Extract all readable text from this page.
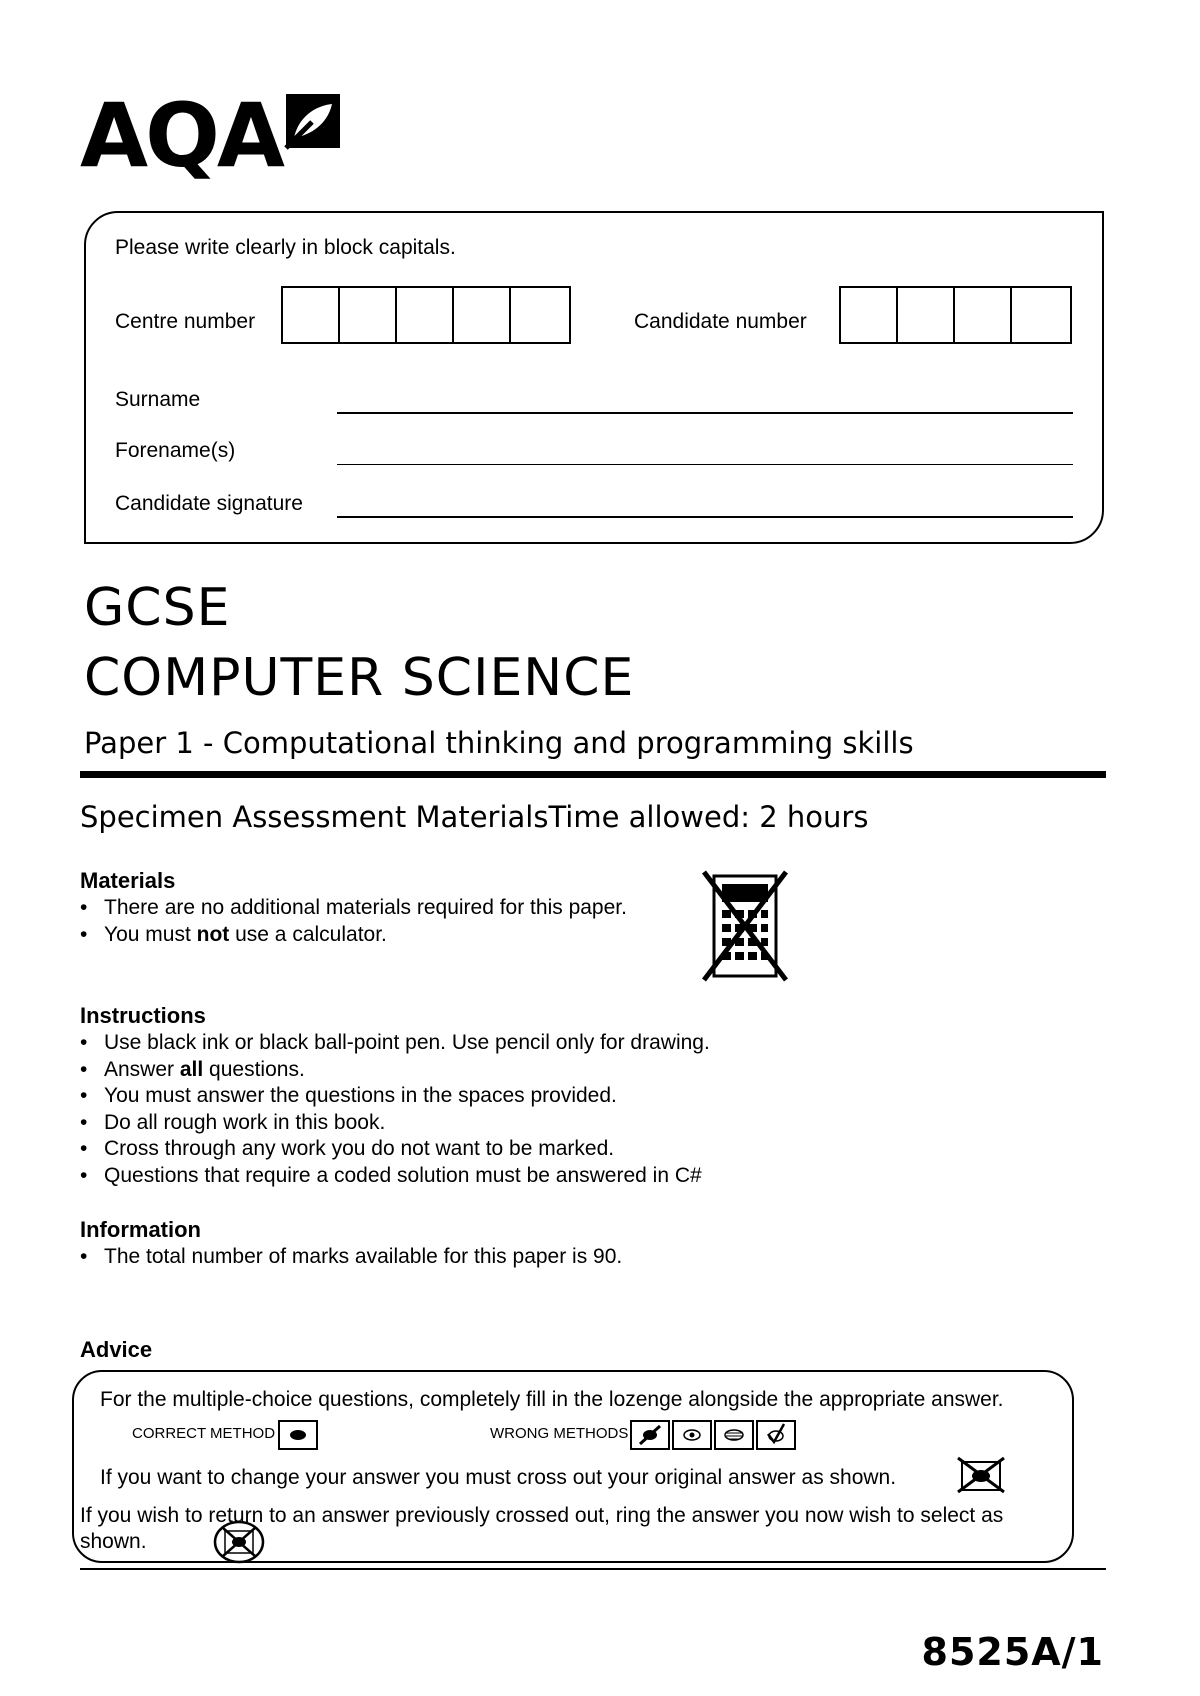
AQA
Please write clearly in block capitals.
Centre number	Candidate number
Surname
Forename(s)
Candidate signature
GCSE
COMPUTER SCIENCE
Paper 1 - Computational thinking and programming skills
Specimen Assessment MaterialsTime allowed: 2 hours
Materials
• There are no additional materials required for this paper.
• You must not use a calculator.
Instructions
• Use black ink or black ball-point pen. Use pencil only for drawing.
• Answer all questions.
• You must answer the questions in the spaces provided.
• Do all rough work in this book.
• Cross through any work you do not want to be marked.
• Questions that require a coded solution must be answered in C#
Information
• The total number of marks available for this paper is 90.
Advice
For the multiple-choice questions, completely fill in the lozenge alongside the appropriate answer.
CORRECT METHOD	WRONG METHODS
If you want to change your answer you must cross out your original answer as shown.
If you wish to return to an answer previously crossed out, ring the answer you now wish to select as shown.
8525A/1
